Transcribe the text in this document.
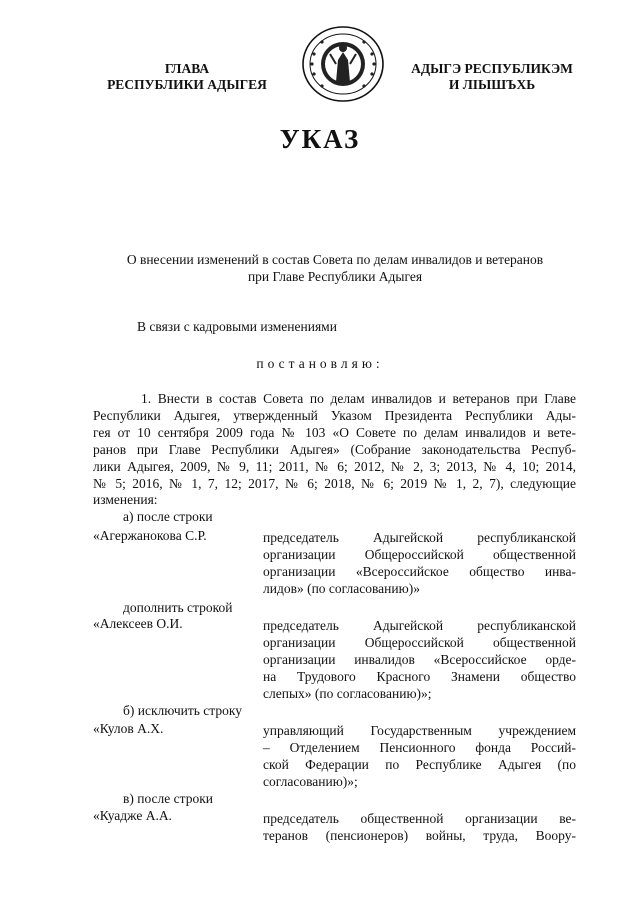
ГЛАВА
РЕСПУБЛИКИ АДЫГЕЯ
АДЫГЭ РЕСПУБЛИКЭМ
И ЛІЫШЪХЬ
УКАЗ
О внесении изменений в состав Совета по делам инвалидов и ветеранов
при Главе Республики Адыгея
В связи с кадровыми изменениями
постановляю:
1. Внести в состав Совета по делам инвалидов и ветеранов при Главе
Республики Адыгея, утвержденный Указом Президента Республики Ады-
гея от 10 сентября 2009 года № 103 «О Совете по делам инвалидов и вете-
ранов при Главе Республики Адыгея» (Собрание законодательства Респуб-
лики Адыгея, 2009, № 9, 11; 2011, № 6; 2012, № 2, 3; 2013, № 4, 10; 2014,
№ 5; 2016, № 1, 7, 12; 2017, № 6; 2018, № 6; 2019 № 1, 2, 7), следующие
изменения:
а) после строки
«Агержанокова С.Р.	председатель Адыгейской республиканской
организации Общероссийской общественной
организации «Всероссийское общество инва-
лидов» (по согласованию)»
дополнить строкой
«Алексеев О.И.	председатель Адыгейской республиканской
организации Общероссийской общественной
организации инвалидов «Всероссийское орде-
на Трудового Красного Знамени общество
слепых» (по согласованию)»;
б) исключить строку
«Кулов А.Х.	управляющий Государственным учреждением
– Отделением Пенсионного фонда Россий-
ской Федерации по Республике Адыгея (по
согласованию)»;
в) после строки
«Куадже А.А.	председатель общественной организации ве-
теранов (пенсионеров) войны, труда, Воору-
